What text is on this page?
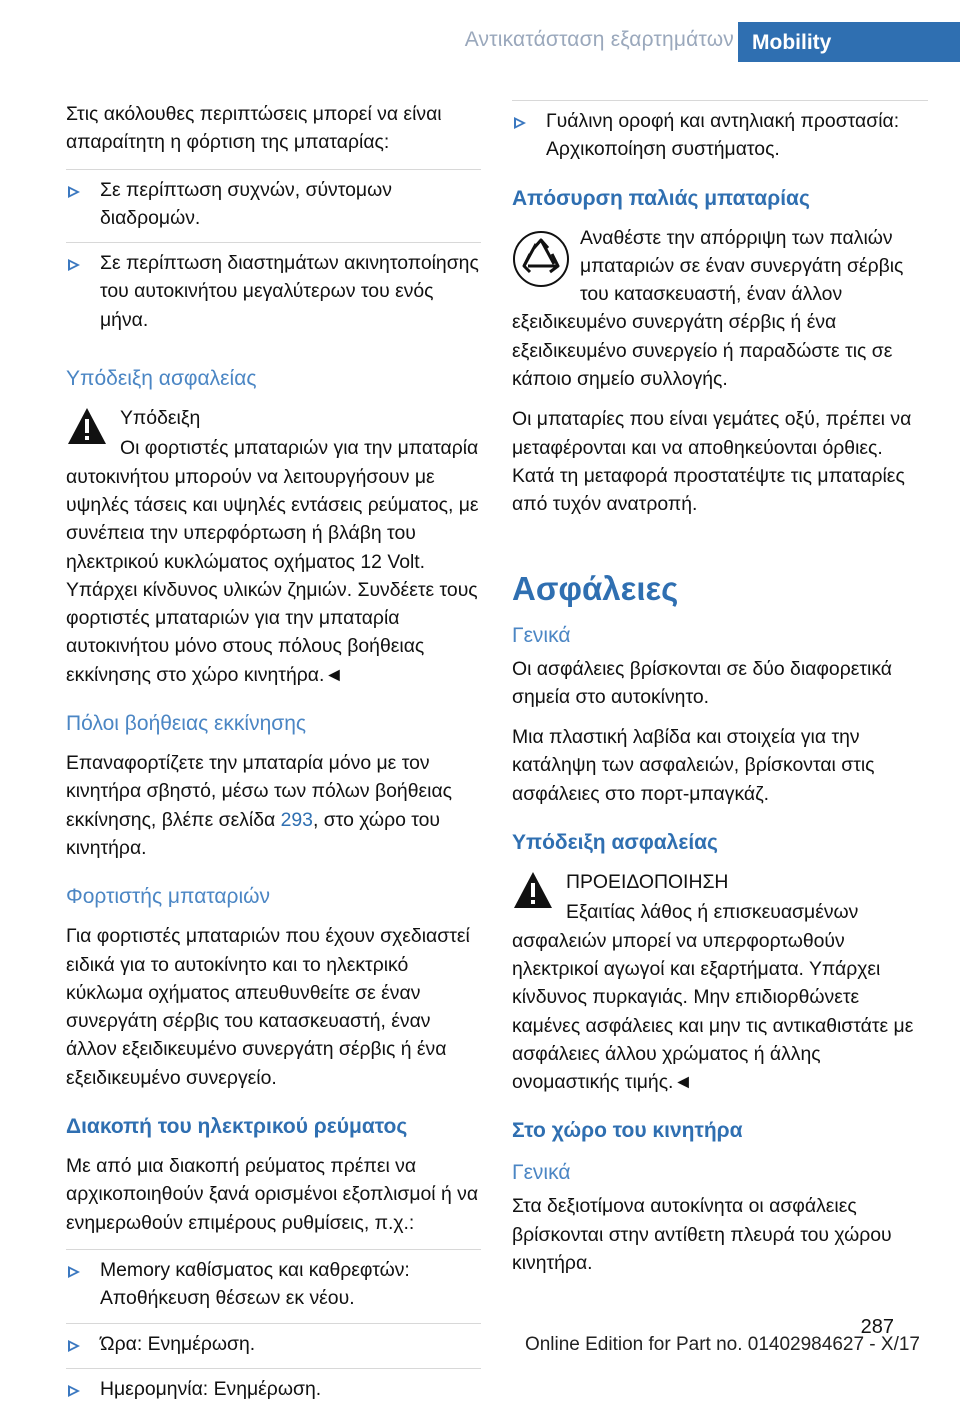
Αντικατάσταση εξαρτημάτων Mobility

Στις ακόλουθες περιπτώσεις μπορεί να είναι απαραίτητη η φόρτιση της μπαταρίας:

Σε περίπτωση συχνών, σύντομων διαδρομών.
Σε περίπτωση διαστημάτων ακινητοποίησης του αυτοκινήτου μεγαλύτερων του ενός μήνα.
Υπόδειξη ασφαλείας

Υπόδειξη

Οι φορτιστές μπαταριών για την μπαταρία αυτοκινήτου μπορούν να λειτουργήσουν με υψηλές τάσεις και υψηλές εντάσεις ρεύματος, με συνέπεια την υπερφόρτωση ή βλάβη του ηλεκτρικού κυκλώματος οχήματος 12 Volt. Υπάρχει κίνδυνος υλικών ζημιών. Συνδέετε τους φορτιστές μπαταριών για την μπαταρία αυτοκινήτου μόνο στους πόλους βοήθειας εκκίνησης στο χώρο κινητήρα.◄

Πόλοι βοήθειας εκκίνησης

Επαναφορτίζετε την μπαταρία μόνο με τον κινητήρα σβηστό, μέσω των πόλων βοήθειας εκκίνησης, βλέπε σελίδα 293, στο χώρο του κινητήρα.

Φορτιστής μπαταριών

Για φορτιστές μπαταριών που έχουν σχεδιαστεί ειδικά για το αυτοκίνητο και το ηλεκτρικό κύκλωμα οχήματος απευθυνθείτε σε έναν συνεργάτη σέρβις του κατασκευαστή, έναν άλλον εξειδικευμένο συνεργάτη σέρβις ή ένα εξειδικευμένο συνεργείο.

Διακοπή του ηλεκτρικού ρεύματος

Με από μια διακοπή ρεύματος πρέπει να αρχικοποιηθούν ξανά ορισμένοι εξοπλισμοί ή να ενημερωθούν επιμέρους ρυθμίσεις, π.χ.:

Memory καθίσματος και καθρεφτών: Αποθήκευση θέσεων εκ νέου.
Ώρα: Ενημέρωση.
Ημερομηνία: Ενημέρωση.
Γυάλινη οροφή και αντηλιακή προστασία: Αρχικοποίηση συστήματος.
Απόσυρση παλιάς μπαταρίας

Αναθέστε την απόρριψη των παλιών μπαταριών σε έναν συνεργάτη σέρβις του κατασκευαστή, έναν άλλον εξειδικευμένο συνεργάτη σέρβις ή ένα εξειδικευμένο συνεργείο ή παραδώστε τις σε κάποιο σημείο συλλογής.

Οι μπαταρίες που είναι γεμάτες οξύ, πρέπει να μεταφέρονται και να αποθηκεύονται όρθιες. Κατά τη μεταφορά προστατέψτε τις μπαταρίες από τυχόν ανατροπή.

Ασφάλειες
Γενικά

Οι ασφάλειες βρίσκονται σε δύο διαφορετικά σημεία στο αυτοκίνητο.

Μια πλαστική λαβίδα και στοιχεία για την κατάληψη των ασφαλειών, βρίσκονται στις ασφάλειες στο πορτ-μπαγκάζ.

Υπόδειξη ασφαλείας

ΠΡΟΕΙΔΟΠΟΙΗΣΗ

Εξαιτίας λάθος ή επισκευασμένων ασφαλειών μπορεί να υπερφορτωθούν ηλεκτρικοί αγωγοί και εξαρτήματα. Υπάρχει κίνδυνος πυρκαγιάς. Μην επιδιορθώνετε καμένες ασφάλειες και μην τις αντικαθιστάτε με ασφάλειες άλλου χρώματος ή άλλης ονομαστικής τιμής.◄

Στο χώρο του κινητήρα
Γενικά

Στα δεξιοτίμονα αυτοκίνητα οι ασφάλειες βρίσκονται στην αντίθετη πλευρά του χώρου κινητήρα.

287
Online Edition for Part no. 01402984627 - X/17
